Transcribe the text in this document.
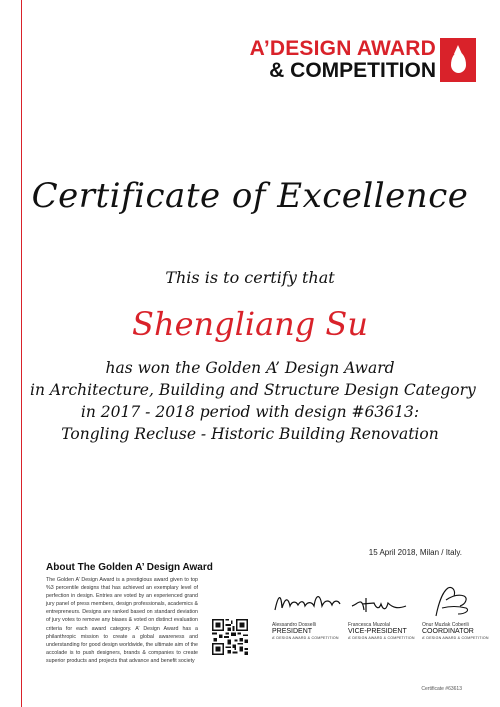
A’DESIGN AWARD
& COMPETITION
Certificate of Excellence
This is to certify that
Shengliang Su
has won the Golden A’ Design Award
in Architecture, Building and Structure Design Category
in 2017 - 2018 period with design #63613:
Tongling Recluse - Historic Building Renovation
15 April 2018, Milan / Italy.
About The Golden A’ Design Award
The Golden A’ Design Award is a prestigious award given to top %3 percentile designs that has achieved an exemplary level of perfection in design. Entries are voted by an experienced grand jury panel of press members, design professionals, academics & entrepreneurs. Designs are ranked based on standard deviation of jury votes to remove any biases & voted on distinct evaluation criteria for each award category. A’ Design Award has a philanthropic mission to create a global awareness and understanding for good design worldwide, the ultimate aim of the accolade is to push designers, brands & companies to create superior products and projects that advance and benefit society
Alessandro Dosselli
PRESIDENT
A’ DESIGN AWARD & COMPETITION
Francesca Muzolal
VICE-PRESIDENT
A’ DESIGN AWARD & COMPETITION
Onur Muzlak Coberili
COORDINATOR
A’ DESIGN AWARD & COMPETITION
Certificate #63613
